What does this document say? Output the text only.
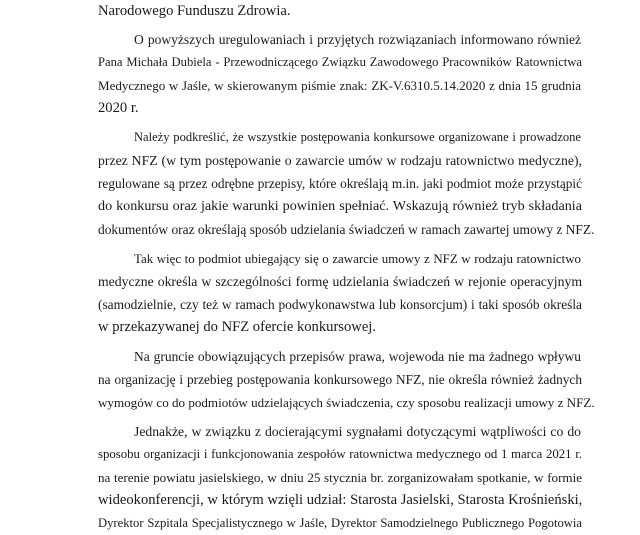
Narodowego Funduszu Zdrowia.
O powyższych uregulowaniach i przyjętych rozwiązaniach informowano również
Pana Michała Dubiela - Przewodniczącego Związku Zawodowego Pracowników Ratownictwa
Medycznego w Jaśle, w skierowanym piśmie znak: ZK-V.6310.5.14.2020 z dnia 15 grudnia
2020 r.
Należy podkreślić, że wszystkie postępowania konkursowe organizowane i prowadzone
przez NFZ (w tym postępowanie o zawarcie umów w rodzaju ratownictwo medyczne),
regulowane są przez odrębne przepisy, które określają m.in. jaki podmiot może przystąpić
do konkursu oraz jakie warunki powinien spełniać. Wskazują również tryb składania
dokumentów oraz określają sposób udzielania świadczeń w ramach zawartej umowy z NFZ.
Tak więc to podmiot ubiegający się o zawarcie umowy z NFZ w rodzaju ratownictwo
medyczne określa w szczególności formę udzielania świadczeń w rejonie operacyjnym
(samodzielnie, czy też w ramach podwykonawstwa lub konsorcjum) i taki sposób określa
w przekazywanej do NFZ ofercie konkursowej.
Na gruncie obowiązujących przepisów prawa, wojewoda nie ma żadnego wpływu
na organizację i przebieg postępowania konkursowego NFZ, nie określa również żadnych
wymogów co do podmiotów udzielających świadczenia, czy sposobu realizacji umowy z NFZ.
Jednakże, w związku z docierającymi sygnałami dotyczącymi wątpliwości co do
sposobu organizacji i funkcjonowania zespołów ratownictwa medycznego od 1 marca 2021 r.
na terenie powiatu jasielskiego, w dniu 25 stycznia br. zorganizowałam spotkanie, w formie
wideokonferencji, w którym wzięli udział: Starosta Jasielski, Starosta Krośnieński,
Dyrektor Szpitala Specjalistycznego w Jaśle, Dyrektor Samodzielnego Publicznego Pogotowia
